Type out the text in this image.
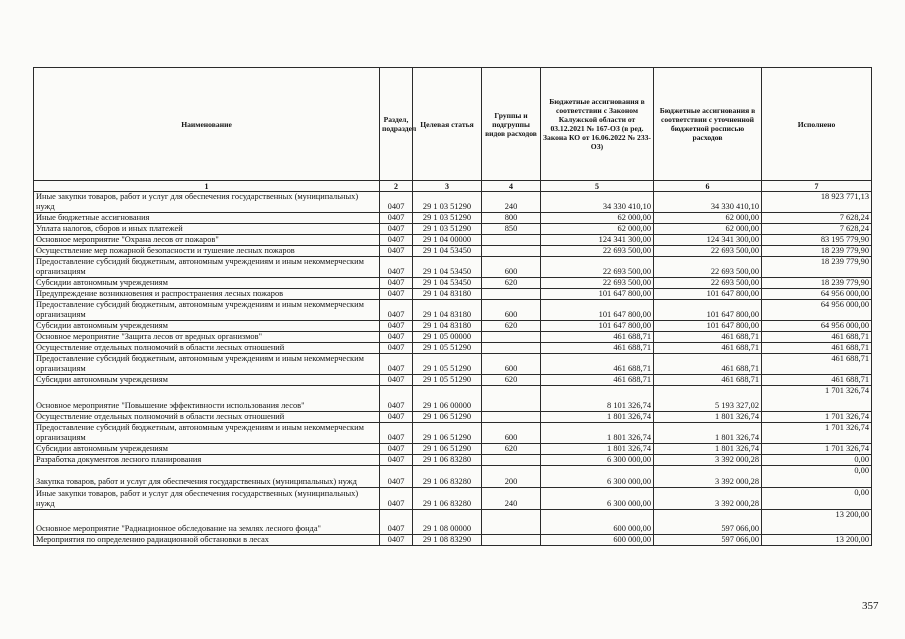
Наименование	Раздел, подраздел	Целевая статья	Группы и подгруппы видов расходов	Бюджетные ассигнования в соответствии с Законом Калужской области от 03.12.2021 № 167-ОЗ (в ред. Закона КО от 16.06.2022 № 233-ОЗ)	Бюджетные ассигнования в соответствии с уточненной бюджетной росписью расходов	Исполнено
1	2	3	4	5	6	7
Иные закупки товаров, работ и услуг для обеспечения государственных (муниципальных) нужд	0407	29 1 03 51290	240	34 330 410,10	34 330 410,10	18 923 771,13
Иные бюджетные ассигнования	0407	29 1 03 51290	800	62 000,00	62 000,00	7 628,24
Уплата налогов, сборов и иных платежей	0407	29 1 03 51290	850	62 000,00	62 000,00	7 628,24
Основное мероприятие "Охрана лесов от пожаров"	0407	29 1 04 00000		124 341 300,00	124 341 300,00	83 195 779,90
Осуществление мер пожарной безопасности и тушение лесных пожаров	0407	29 1 04 53450		22 693 500,00	22 693 500,00	18 239 779,90
Предоставление субсидий бюджетным, автономным учреждениям и иным некоммерческим организациям	0407	29 1 04 53450	600	22 693 500,00	22 693 500,00	18 239 779,90
Субсидии автономным учреждениям	0407	29 1 04 53450	620	22 693 500,00	22 693 500,00	18 239 779,90
Предупреждение возникновения и распространения лесных пожаров	0407	29 1 04 83180		101 647 800,00	101 647 800,00	64 956 000,00
Предоставление субсидий бюджетным, автономным учреждениям и иным некоммерческим организациям	0407	29 1 04 83180	600	101 647 800,00	101 647 800,00	64 956 000,00
Субсидии автономным учреждениям	0407	29 1 04 83180	620	101 647 800,00	101 647 800,00	64 956 000,00
Основное мероприятие "Защита лесов от вредных организмов"	0407	29 1 05 00000		461 688,71	461 688,71	461 688,71
Осуществление отдельных полномочий в области лесных отношений	0407	29 1 05 51290		461 688,71	461 688,71	461 688,71
Предоставление субсидий бюджетным, автономным учреждениям и иным некоммерческим организациям	0407	29 1 05 51290	600	461 688,71	461 688,71	461 688,71
Субсидии автономным учреждениям	0407	29 1 05 51290	620	461 688,71	461 688,71	461 688,71
Основное мероприятие "Повышение эффективности использования лесов"	0407	29 1 06 00000		8 101 326,74	5 193 327,02	1 701 326,74
Осуществление отдельных полномочий в области лесных отношений	0407	29 1 06 51290		1 801 326,74	1 801 326,74	1 701 326,74
Предоставление субсидий бюджетным, автономным учреждениям и иным некоммерческим организациям	0407	29 1 06 51290	600	1 801 326,74	1 801 326,74	1 701 326,74
Субсидии автономным учреждениям	0407	29 1 06 51290	620	1 801 326,74	1 801 326,74	1 701 326,74
Разработка документов лесного планирования	0407	29 1 06 83280		6 300 000,00	3 392 000,28	0,00
Закупка товаров, работ и услуг для обеспечения государственных (муниципальных) нужд	0407	29 1 06 83280	200	6 300 000,00	3 392 000,28	0,00
Иные закупки товаров, работ и услуг для обеспечения государственных (муниципальных) нужд	0407	29 1 06 83280	240	6 300 000,00	3 392 000,28	0,00
Основное мероприятие "Радиационное обследование на землях лесного фонда"	0407	29 1 08 00000		600 000,00	597 066,00	13 200,00
Мероприятия по определению радиационной обстановки в лесах	0407	29 1 08 83290		600 000,00	597 066,00	13 200,00
357
